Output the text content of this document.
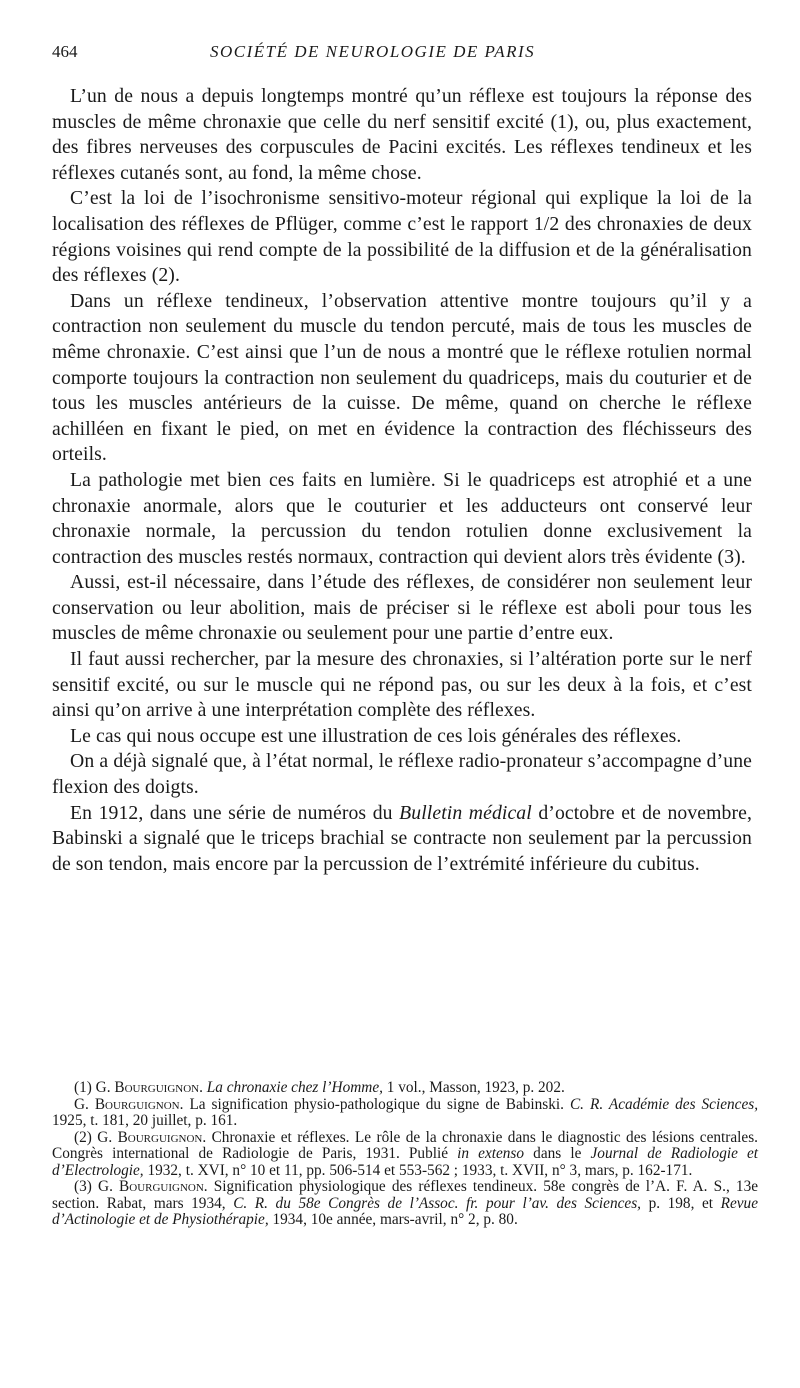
464	SOCIÉTÉ DE NEUROLOGIE DE PARIS

L’un de nous a depuis longtemps montré qu’un réflexe est toujours la réponse des muscles de même chronaxie que celle du nerf sensitif excité (1), ou, plus exactement, des fibres nerveuses des corpuscules de Pacini excités. Les réflexes tendineux et les réflexes cutanés sont, au fond, la même chose.

C’est la loi de l’isochronisme sensitivo-moteur régional qui explique la loi de la localisation des réflexes de Pflüger, comme c’est le rapport 1/2 des chronaxies de deux régions voisines qui rend compte de la possibilité de la diffusion et de la généralisation des réflexes (2).

Dans un réflexe tendineux, l’observation attentive montre toujours qu’il y a contraction non seulement du muscle du tendon percuté, mais de tous les muscles de même chronaxie. C’est ainsi que l’un de nous a montré que le réflexe rotulien normal comporte toujours la contraction non seulement du quadriceps, mais du couturier et de tous les muscles antérieurs de la cuisse. De même, quand on cherche le réflexe achilléen en fixant le pied, on met en évidence la contraction des fléchisseurs des orteils.

La pathologie met bien ces faits en lumière. Si le quadriceps est atrophié et a une chronaxie anormale, alors que le couturier et les adducteurs ont conservé leur chronaxie normale, la percussion du tendon rotulien donne exclusivement la contraction des muscles restés normaux, contraction qui devient alors très évidente (3).

Aussi, est-il nécessaire, dans l’étude des réflexes, de considérer non seulement leur conservation ou leur abolition, mais de préciser si le réflexe est aboli pour tous les muscles de même chronaxie ou seulement pour une partie d’entre eux.

Il faut aussi rechercher, par la mesure des chronaxies, si l’altération porte sur le nerf sensitif excité, ou sur le muscle qui ne répond pas, ou sur les deux à la fois, et c’est ainsi qu’on arrive à une interprétation complète des réflexes.

Le cas qui nous occupe est une illustration de ces lois générales des réflexes.

On a déjà signalé que, à l’état normal, le réflexe radio-pronateur s’accompagne d’une flexion des doigts.

En 1912, dans une série de numéros du Bulletin médical d’octobre et de novembre, Babinski a signalé que le triceps brachial se contracte non seulement par la percussion de son tendon, mais encore par la percussion de l’extrémité inférieure du cubitus.

(1) G. Bourguignon. La chronaxie chez l’Homme, 1 vol., Masson, 1923, p. 202.

G. Bourguignon. La signification physio-pathologique du signe de Babinski. C. R. Académie des Sciences, 1925, t. 181, 20 juillet, p. 161.

(2) G. Bourguignon. Chronaxie et réflexes. Le rôle de la chronaxie dans le diagnostic des lésions centrales. Congrès international de Radiologie de Paris, 1931. Publié in extenso dans le Journal de Radiologie et d’Electrologie, 1932, t. XVI, n° 10 et 11, pp. 506-514 et 553-562 ; 1933, t. XVII, n° 3, mars, p. 162-171.

(3) G. Bourguignon. Signification physiologique des réflexes tendineux. 58e congrès de l’A. F. A. S., 13e section. Rabat, mars 1934, C. R. du 58e Congrès de l’Assoc. fr. pour l’av. des Sciences, p. 198, et Revue d’Actinologie et de Physiothérapie, 1934, 10e année, mars-avril, n° 2, p. 80.
